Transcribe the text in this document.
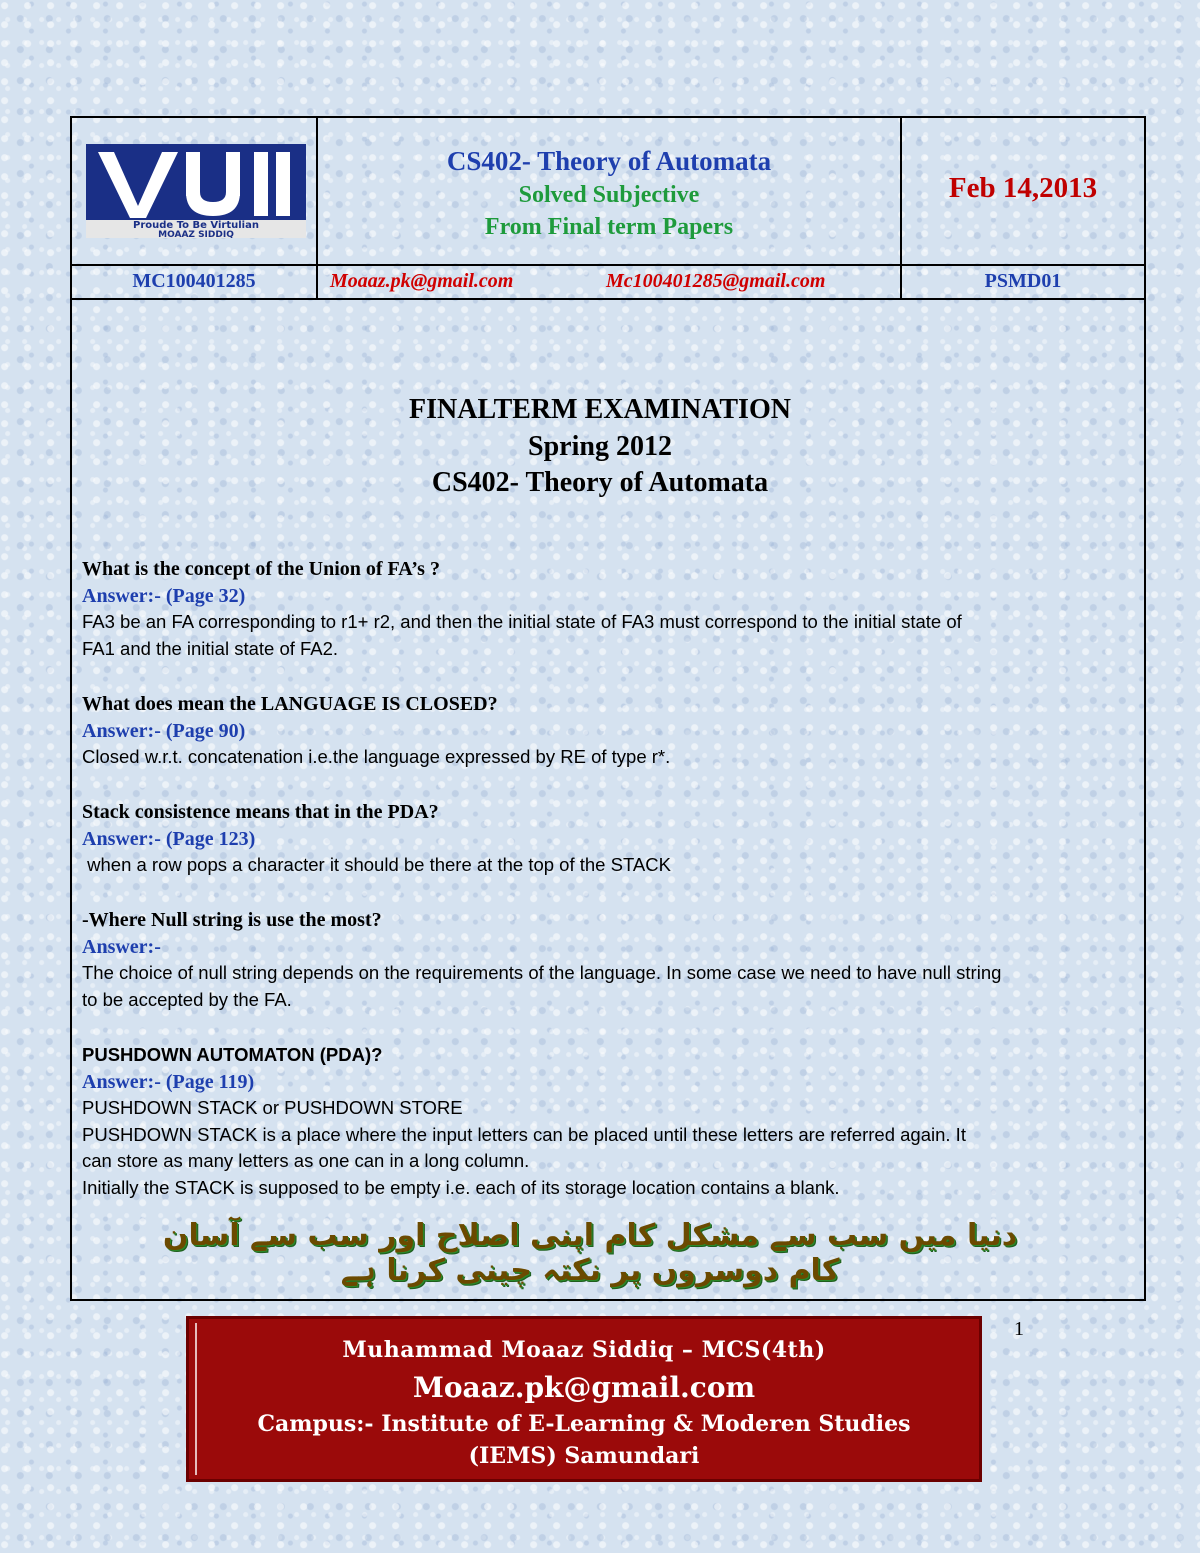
Proude To Be Virtulian
MOAAZ SIDDIQ
CS402- Theory of Automata
Solved Subjective
From Final term Papers
Feb 14,2013
MC100401285	Moaaz.pk@gmail.com	Mc100401285@gmail.com	PSMD01
FINALTERM EXAMINATION
Spring 2012
CS402- Theory of Automata
What is the concept of the Union of FA’s ?
Answer:- (Page 32)
FA3 be an FA corresponding to r1+ r2, and then the initial state of FA3 must correspond to the initial state of
FA1 and the initial state of FA2.
What does mean the LANGUAGE IS CLOSED?
Answer:- (Page 90)
Closed w.r.t. concatenation i.e.the language expressed by RE of type r*.
Stack consistence means that in the PDA?
Answer:- (Page 123)
when a row pops a character it should be there at the top of the STACK
-Where Null string is use the most?
Answer:-
The choice of null string depends on the requirements of the language. In some case we need to have null string
to be accepted by the FA.
PUSHDOWN AUTOMATON (PDA)?
Answer:- (Page 119)
PUSHDOWN STACK or PUSHDOWN STORE
PUSHDOWN STACK is a place where the input letters can be placed until these letters are referred again. It
can store as many letters as one can in a long column.
Initially the STACK is supposed to be empty i.e. each of its storage location contains a blank.
دنیا میں سب سے مشکل کام اپنی اصلاح اور سب سے آسان کام دوسروں پر نکتہ چینی کرنا ہے
1
Muhammad Moaaz Siddiq – MCS(4th)
Moaaz.pk@gmail.com
Campus:- Institute of E-Learning & Moderen Studies
(IEMS) Samundari
